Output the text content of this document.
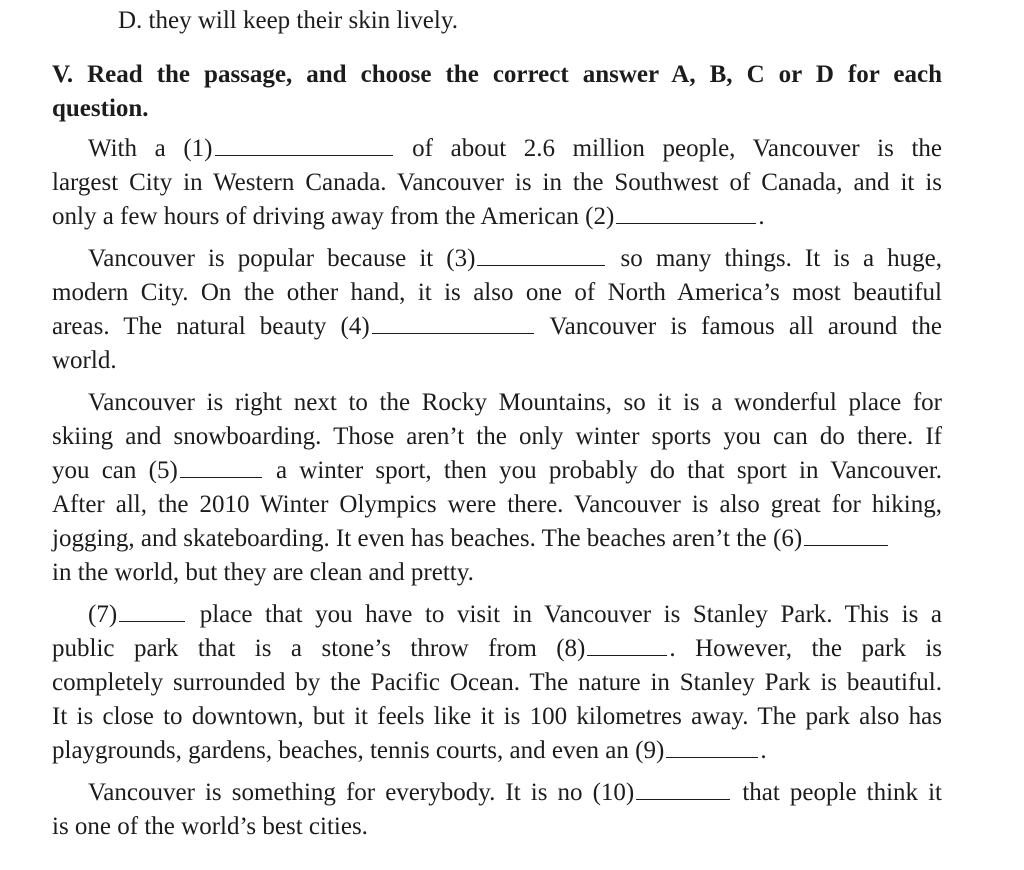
D. they will keep their skin lively.
V. Read the passage, and choose the correct answer A, B, C or D for each
question.
With a (1)	of about 2.6 million people, Vancouver is the
largest City in Western Canada. Vancouver is in the Southwest of Canada, and it is
only a few hours of driving away from the American (2)	.
Vancouver is popular because it (3)	so many things. It is a huge,
modern City. On the other hand, it is also one of North America’s most beautiful
areas. The natural beauty (4)	Vancouver is famous all around the
world.
Vancouver is right next to the Rocky Mountains, so it is a wonderful place for
skiing and snowboarding. Those aren’t the only winter sports you can do there. If
you can (5)	a winter sport, then you probably do that sport in Vancouver.
After all, the 2010 Winter Olympics were there. Vancouver is also great for hiking,
jogging, and skateboarding. It even has beaches. The beaches aren’t the (6)
in the world, but they are clean and pretty.
(7)	place that you have to visit in Vancouver is Stanley Park. This is a
public park that is a stone’s throw from (8)	. However, the park is
completely surrounded by the Pacific Ocean. The nature in Stanley Park is beautiful.
It is close to downtown, but it feels like it is 100 kilometres away. The park also has
playgrounds, gardens, beaches, tennis courts, and even an (9)	.
Vancouver is something for everybody. It is no (10)	that people think it
is one of the world’s best cities.
